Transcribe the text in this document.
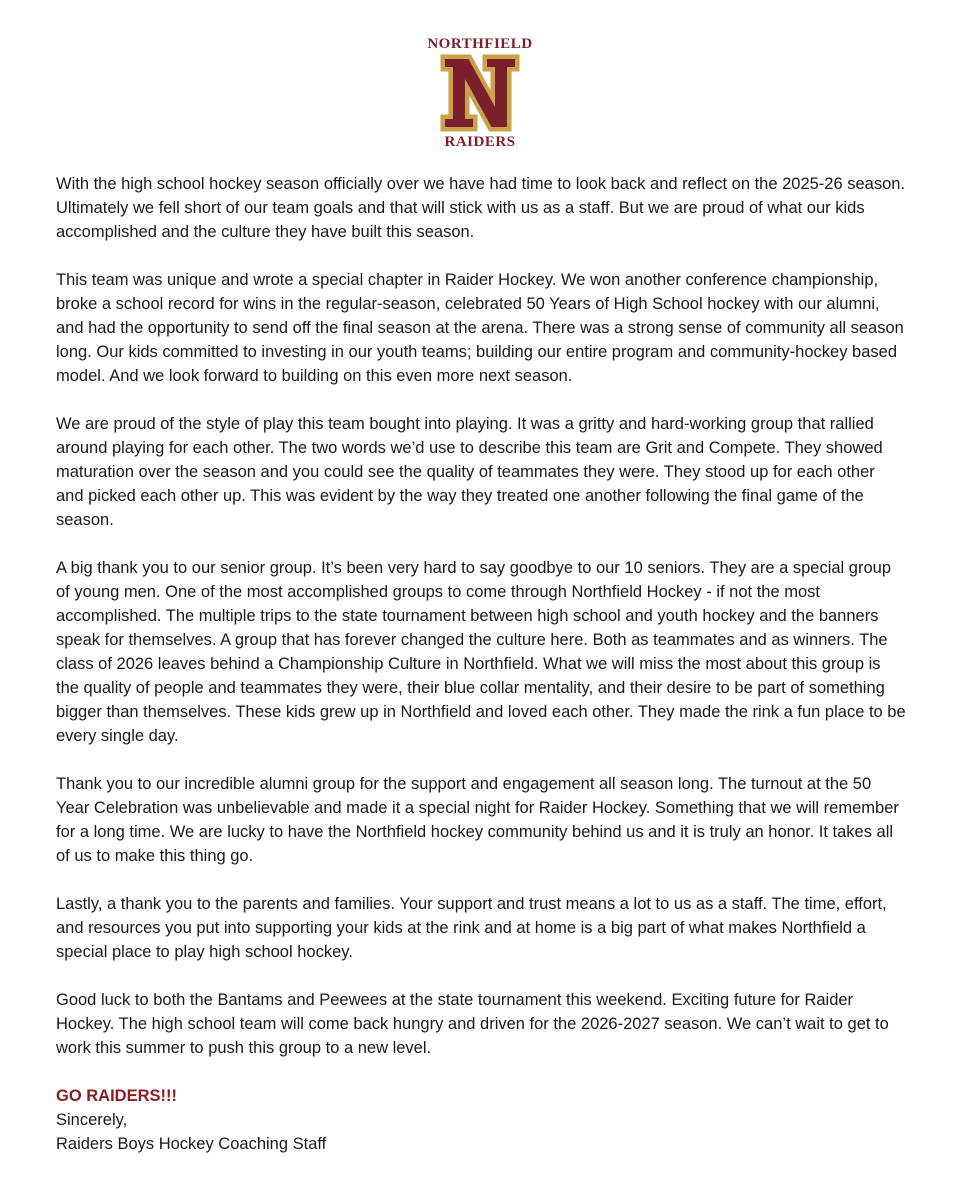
NORTHFIELD
RAIDERS

With the high school hockey season officially over we have had time to look back and reflect on the 2025-26 season. Ultimately we fell short of our team goals and that will stick with us as a staff. But we are proud of what our kids accomplished and the culture they have built this season.

This team was unique and wrote a special chapter in Raider Hockey. We won another conference championship, broke a school record for wins in the regular-season, celebrated 50 Years of High School hockey with our alumni, and had the opportunity to send off the final season at the arena. There was a strong sense of community all season long. Our kids committed to investing in our youth teams; building our entire program and community-hockey based model. And we look forward to building on this even more next season.

We are proud of the style of play this team bought into playing. It was a gritty and hard-working group that rallied around playing for each other. The two words we’d use to describe this team are Grit and Compete. They showed maturation over the season and you could see the quality of teammates they were. They stood up for each other and picked each other up. This was evident by the way they treated one another following the final game of the season.

A big thank you to our senior group. It’s been very hard to say goodbye to our 10 seniors. They are a special group of young men. One of the most accomplished groups to come through Northfield Hockey - if not the most accomplished. The multiple trips to the state tournament between high school and youth hockey and the banners speak for themselves. A group that has forever changed the culture here. Both as teammates and as winners. The class of 2026 leaves behind a Championship Culture in Northfield. What we will miss the most about this group is the quality of people and teammates they were, their blue collar mentality, and their desire to be part of something bigger than themselves. These kids grew up in Northfield and loved each other. They made the rink a fun place to be every single day.

Thank you to our incredible alumni group for the support and engagement all season long. The turnout at the 50 Year Celebration was unbelievable and made it a special night for Raider Hockey. Something that we will remember for a long time. We are lucky to have the Northfield hockey community behind us and it is truly an honor. It takes all of us to make this thing go.

Lastly, a thank you to the parents and families. Your support and trust means a lot to us as a staff. The time, effort, and resources you put into supporting your kids at the rink and at home is a big part of what makes Northfield a special place to play high school hockey.

Good luck to both the Bantams and Peewees at the state tournament this weekend. Exciting future for Raider Hockey. The high school team will come back hungry and driven for the 2026-2027 season. We can’t wait to get to work this summer to push this group to a new level.

GO RAIDERS!!!
Sincerely,
Raiders Boys Hockey Coaching Staff
